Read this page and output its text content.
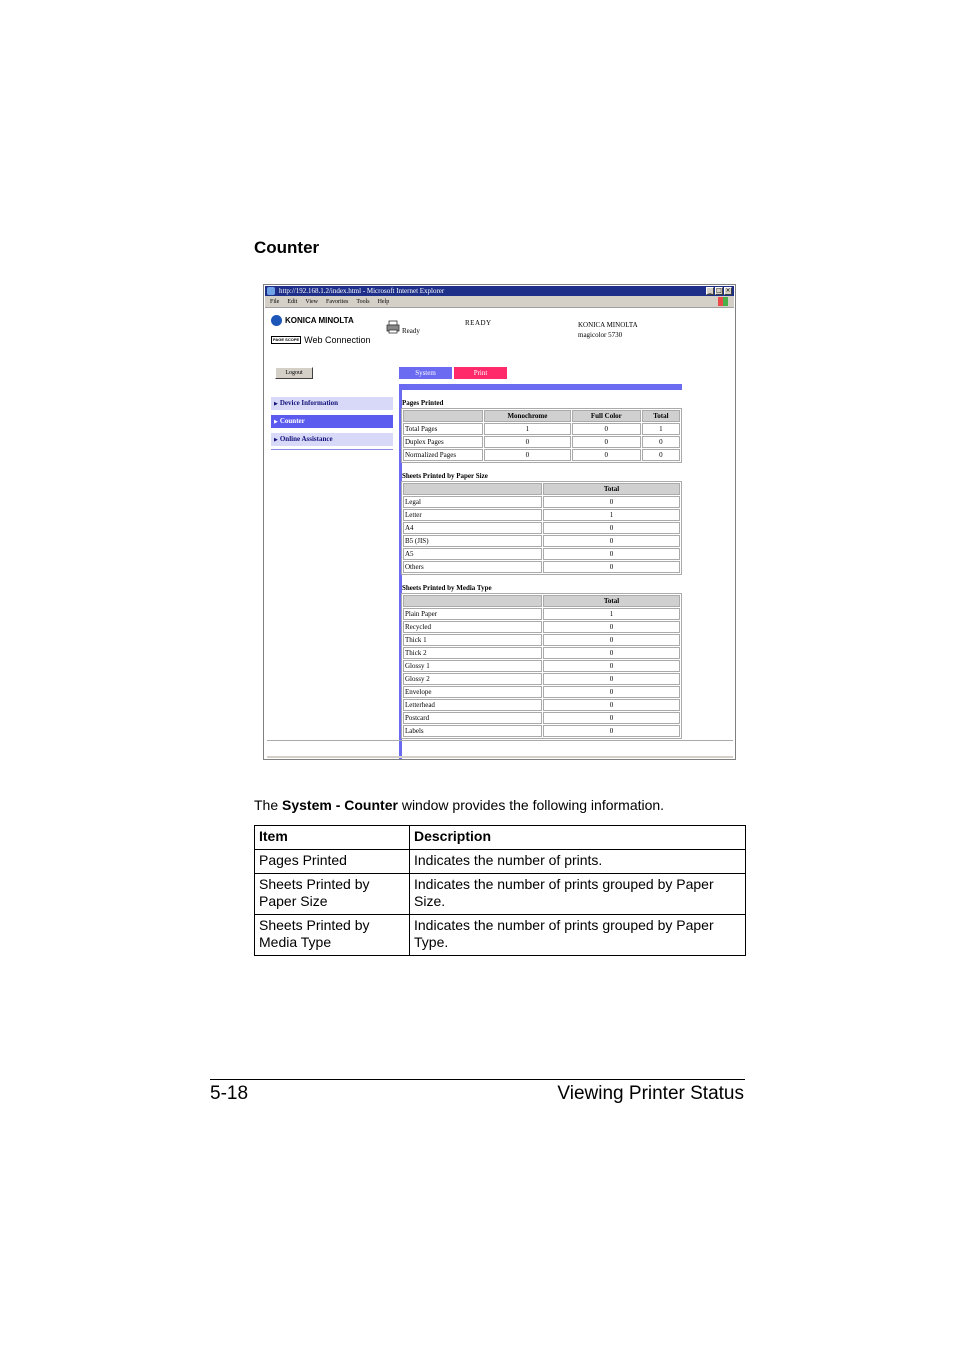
Counter
http://192.168.1.2/index.html - Microsoft Internet Explorer	_ □ ×
File Edit View Favorites Tools Help
KONICA MINOLTA
PAGE SCOPE Web Connection
Ready
READY	KONICA MINOLTA
magicolor 5730
Logout	System	Print
▶ Device Information
▶ Counter
▶ Online Assistance
Pages Printed
	Monochrome	Full Color	Total
Total Pages	1	0	1
Duplex Pages	0	0	0
Normalized Pages	0	0	0
Sheets Printed by Paper Size
	Total
Legal	0
Letter	1
A4	0
B5 (JIS)	0
A5	0
Others	0
Sheets Printed by Media Type
	Total
Plain Paper	1
Recycled	0
Thick 1	0
Thick 2	0
Glossy 1	0
Glossy 2	0
Envelope	0
Letterhead	0
Postcard	0
Labels	0
The System - Counter window provides the following information.
Item	Description
Pages Printed	Indicates the number of prints.
Sheets Printed by Paper Size	Indicates the number of prints grouped by Paper Size.
Sheets Printed by Media Type	Indicates the number of prints grouped by Paper Type.
5-18	Viewing Printer Status
